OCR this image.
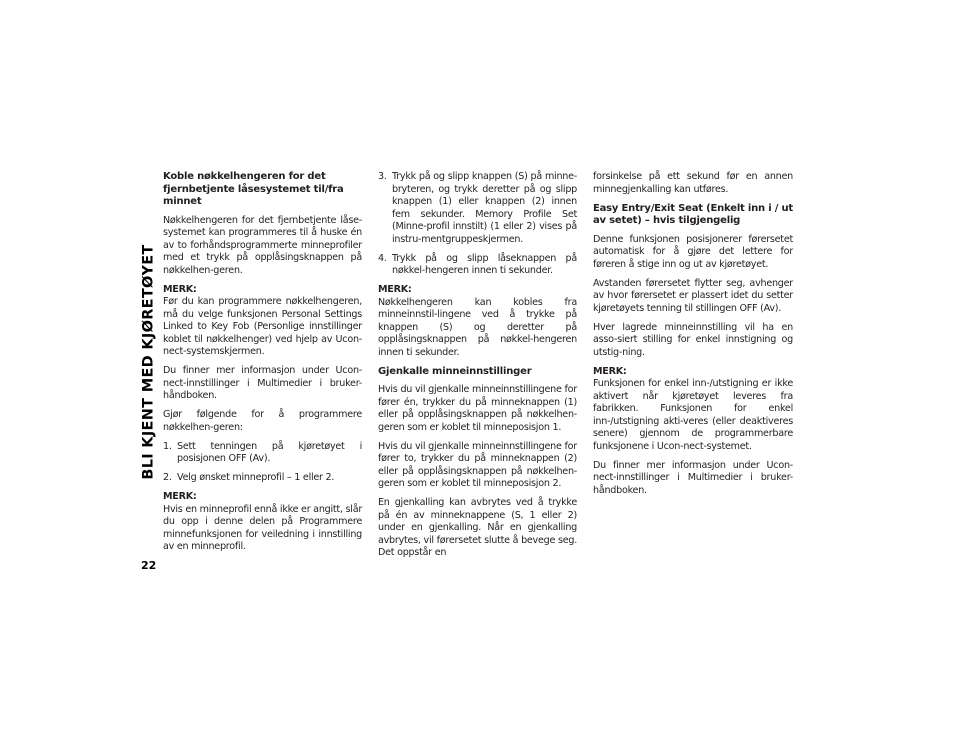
BLI KJENT MED KJØRETØYET
22
Koble nøkkelhengeren for det fjernbetjente låsesystemet til/fra minnet

Nøkkelhengeren for det fjernbetjente låse-systemet kan programmeres til å huske én av to forhåndsprogrammerte minneprofiler med et trykk på opplåsingsknappen på nøkkelhen-geren.

MERK:
Før du kan programmere nøkkelhengeren, må du velge funksjonen Personal Settings Linked to Key Fob (Personlige innstillinger koblet til nøkkelhenger) ved hjelp av Ucon-nect-systemskjermen.

Du finner mer informasjon under Ucon-nect-innstillinger i Multimedier i bruker-håndboken.

Gjør følgende for å programmere nøkkelhen-geren:

1. Sett tenningen på kjøretøyet i posisjonen OFF (Av).
2. Velg ønsket minneprofil – 1 eller 2.

MERK:
Hvis en minneprofil ennå ikke er angitt, slår du opp i denne delen på Programmere minnefunksjonen for veiledning i innstilling av en minneprofil.

3. Trykk på og slipp knappen (S) på minne-bryteren, og trykk deretter på og slipp knappen (1) eller knappen (2) innen fem sekunder. Memory Profile Set (Minne-profil innstilt) (1 eller 2) vises på instru-mentgruppeskjermen.
4. Trykk på og slipp låseknappen på nøkkel-hengeren innen ti sekunder.

MERK:
Nøkkelhengeren kan kobles fra minneinnstil-lingene ved å trykke på knappen (S) og deretter på opplåsingsknappen på nøkkel-hengeren innen ti sekunder.

Gjenkalle minneinnstillinger

Hvis du vil gjenkalle minneinnstillingene for fører én, trykker du på minneknappen (1) eller på opplåsingsknappen på nøkkelhen-geren som er koblet til minneposisjon 1.

Hvis du vil gjenkalle minneinnstillingene for fører to, trykker du på minneknappen (2) eller på opplåsingsknappen på nøkkelhen-geren som er koblet til minneposisjon 2.

En gjenkalling kan avbrytes ved å trykke på én av minneknappene (S, 1 eller 2) under en gjenkalling. Når en gjenkalling avbrytes, vil førersetet slutte å bevege seg. Det oppstår en

forsinkelse på ett sekund før en annen minnegjenkalling kan utføres.

Easy Entry/Exit Seat (Enkelt inn i / ut av setet) – hvis tilgjengelig

Denne funksjonen posisjonerer førersetet automatisk for å gjøre det lettere for føreren å stige inn og ut av kjøretøyet.

Avstanden førersetet flytter seg, avhenger av hvor førersetet er plassert idet du setter kjøretøyets tenning til stillingen OFF (Av).

Hver lagrede minneinnstilling vil ha en asso-siert stilling for enkel innstigning og utstig-ning.

MERK:
Funksjonen for enkel inn-/utstigning er ikke aktivert når kjøretøyet leveres fra fabrikken. Funksjonen for enkel inn-/utstigning akti-veres (eller deaktiveres senere) gjennom de programmerbare funksjonene i Ucon-nect-systemet.

Du finner mer informasjon under Ucon-nect-innstillinger i Multimedier i bruker-håndboken.
